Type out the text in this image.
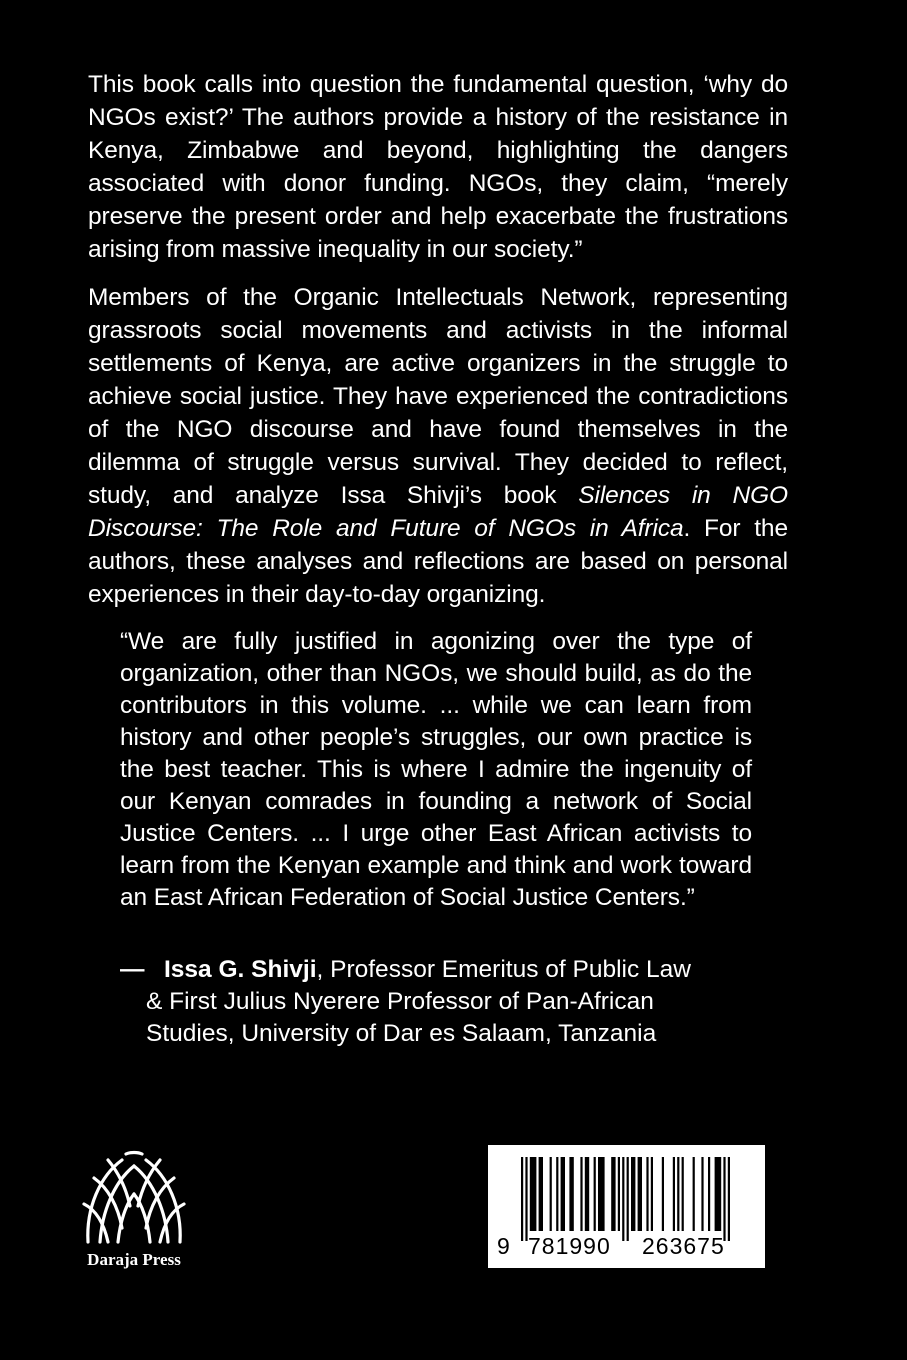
This book calls into question the fundamental question, ‘why do NGOs exist?’ The authors provide a history of the resistance in Kenya, Zimbabwe and beyond, highlighting the dangers associated with donor funding. NGOs, they claim, “merely preserve the present order and help exacerbate the frustrations arising from massive inequality in our society.”

Members of the Organic Intellectuals Network, representing grassroots social movements and activists in the informal settlements of Kenya, are active organizers in the struggle to achieve social justice. They have experienced the contradictions of the NGO discourse and have found themselves in the dilemma of struggle versus survival. They decided to reflect, study, and analyze Issa Shivji’s book Silences in NGO Discourse: The Role and Future of NGOs in Africa. For the authors, these analyses and reflections are based on personal experiences in their day-to-day organizing.

“We are fully justified in agonizing over the type of organization, other than NGOs, we should build, as do the contributors in this volume. ... while we can learn from history and other people’s struggles, our own practice is the best teacher. This is where I admire the ingenuity of our Kenyan comrades in founding a network of Social Justice Centers. ... I urge other East African activists to learn from the Kenyan example and think and work toward an East African Federation of Social Justice Centers.”

— Issa G. Shivji, Professor Emeritus of Public Law
& First Julius Nyerere Professor of Pan-African
Studies, University of Dar es Salaam, Tanzania
Daraja Press
9 781990 263675
